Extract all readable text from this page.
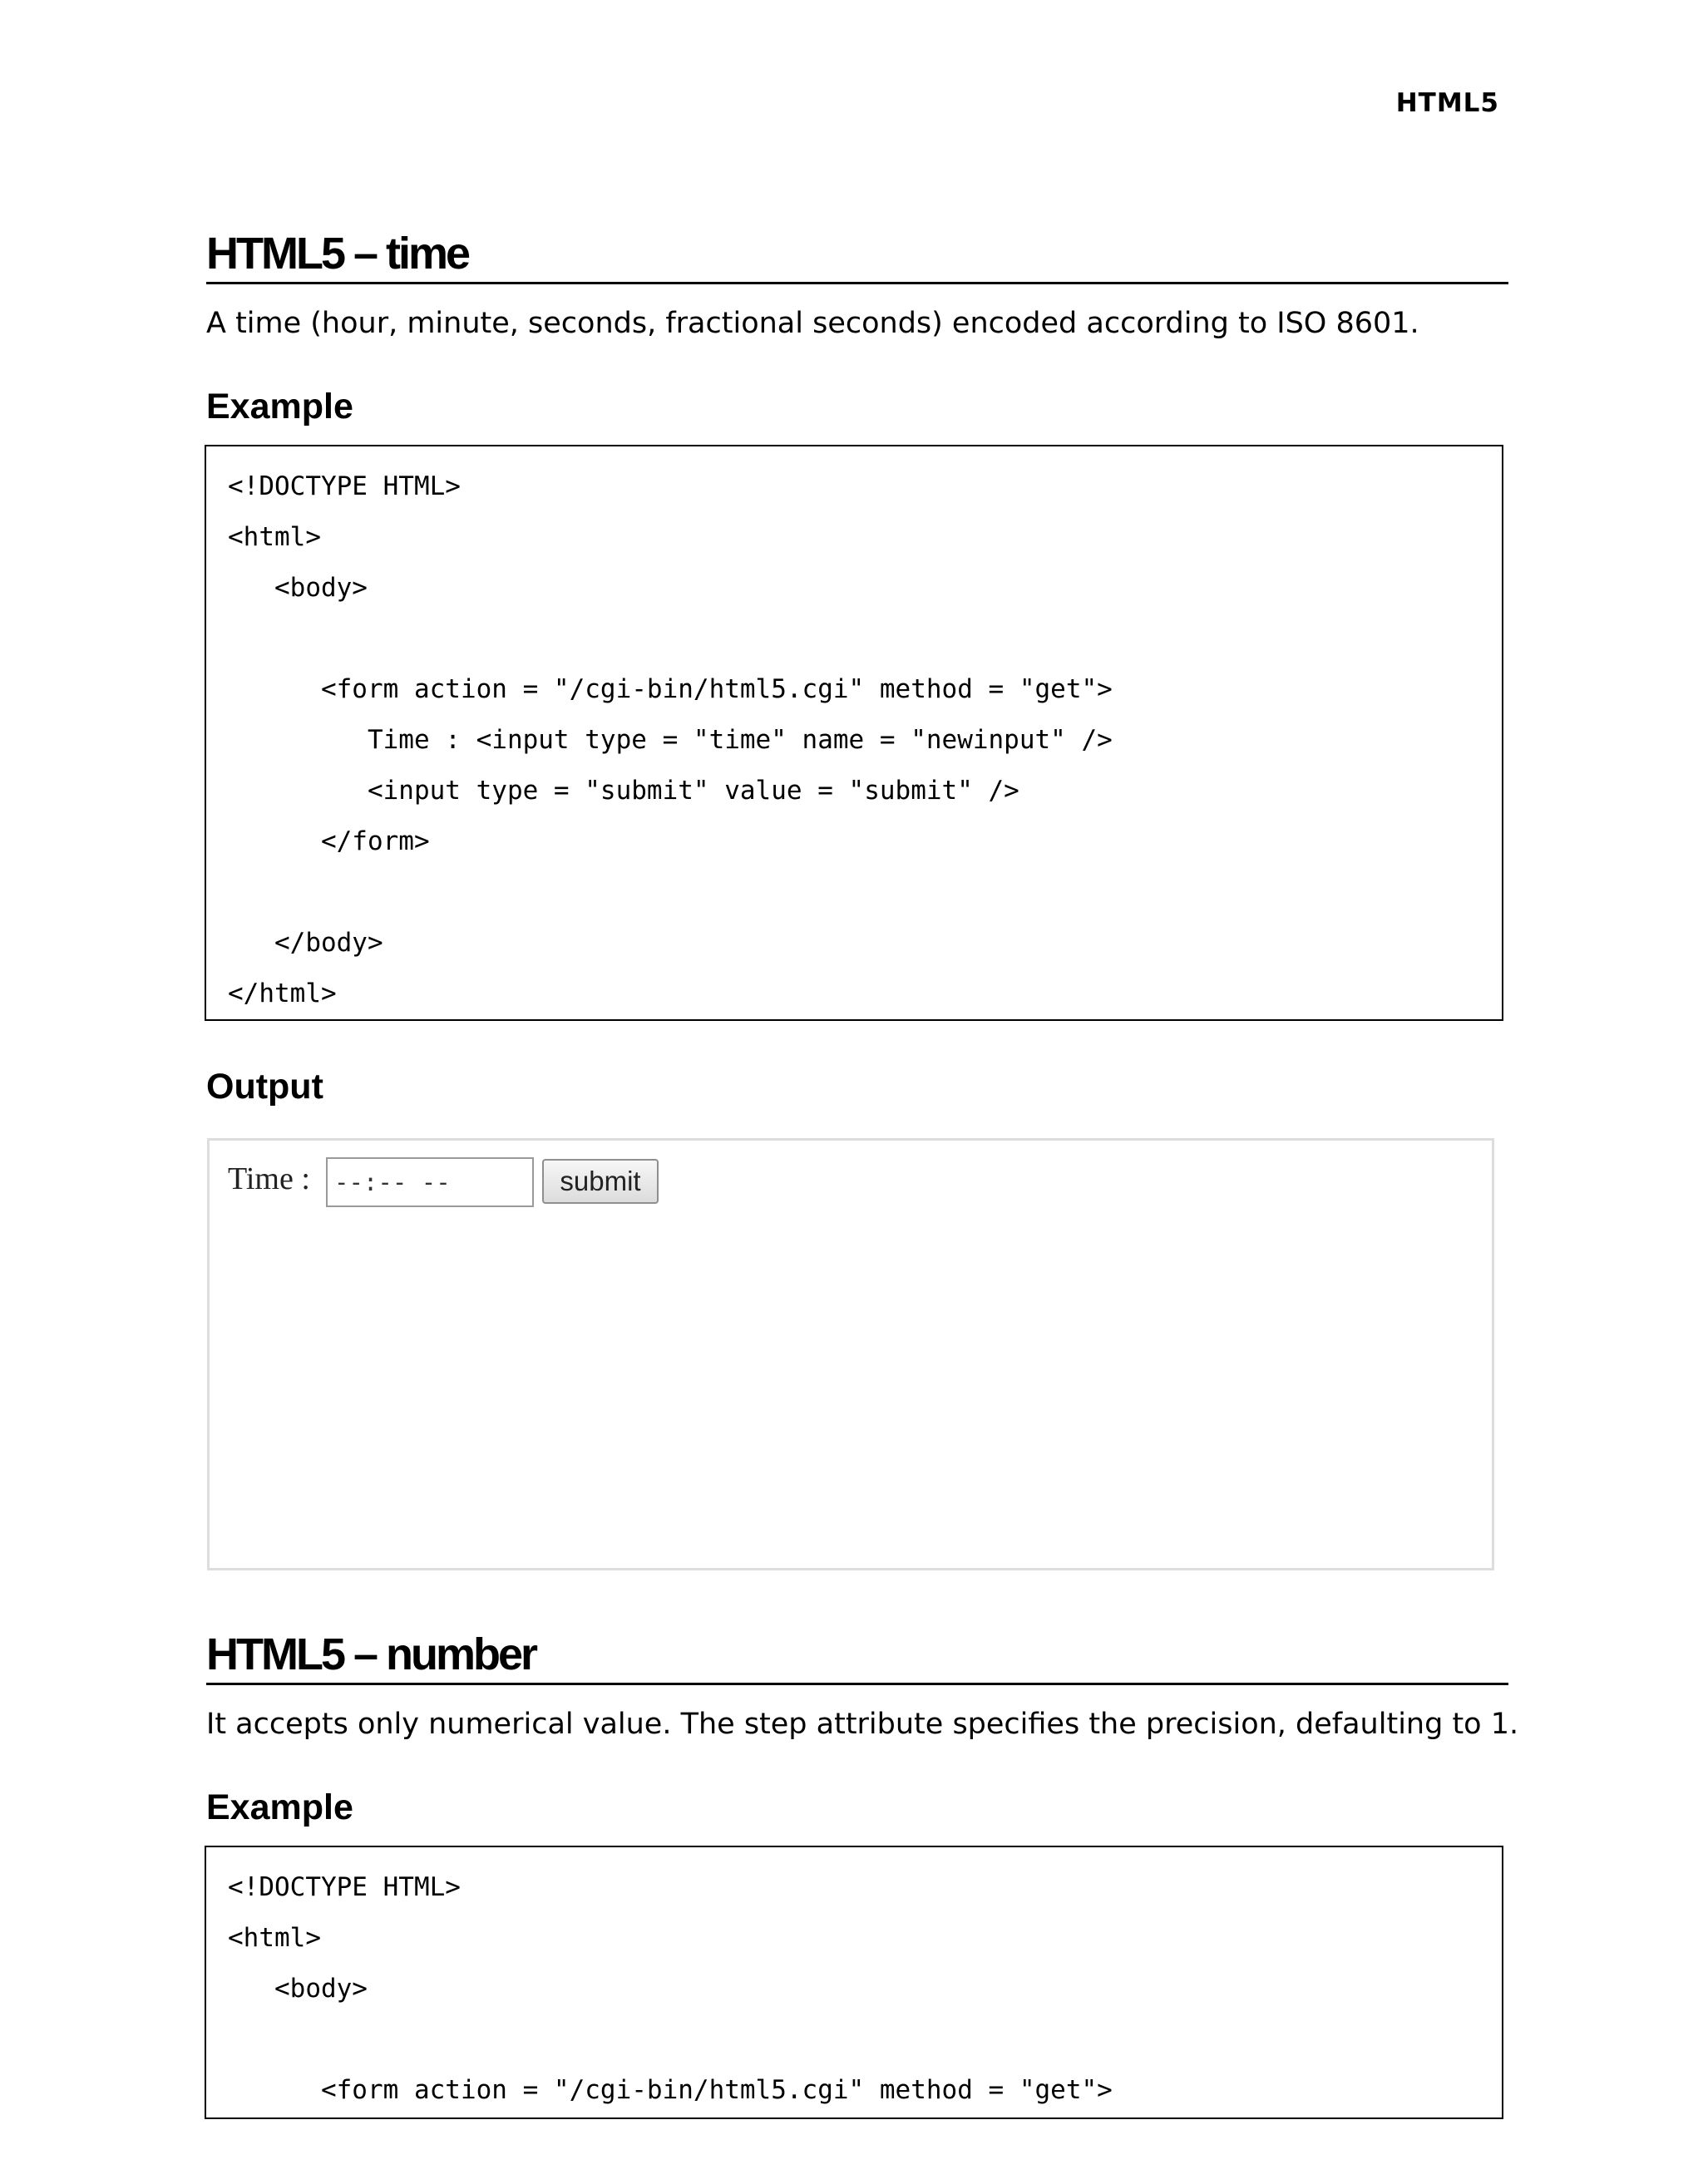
HTML5
HTML5 – time
A time (hour, minute, seconds, fractional seconds) encoded according to ISO 8601.
Example
<!DOCTYPE HTML>
<html>
<body>
<form action = "/cgi-bin/html5.cgi" method = "get">
Time : <input type = "time" name = "newinput" />
<input type = "submit" value = "submit" />
</form>
</body>
</html>
Output
Time :	--:-- --	submit
HTML5 – number
It accepts only numerical value. The step attribute specifies the precision, defaulting to 1.
Example
<!DOCTYPE HTML>
<html>
<body>
<form action = "/cgi-bin/html5.cgi" method = "get">
